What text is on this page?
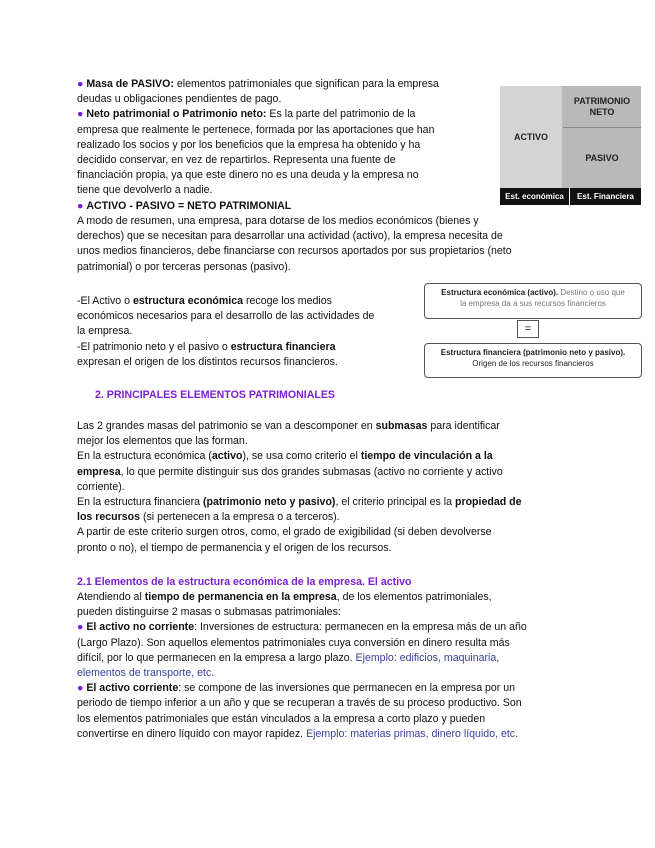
● Masa de PASIVO: elementos patrimoniales que significan para la empresa
deudas u obligaciones pendientes de pago.
● Neto patrimonial o Patrimonio neto: Es la parte del patrimonio de la
empresa que realmente le pertenece, formada por las aportaciones que han
realizado los socios y por los beneficios que la empresa ha obtenido y ha
decidido conservar, en vez de repartirlos. Representa una fuente de
financiación propia, ya que este dinero no es una deuda y la empresa no
tiene que devolverlo a nadie.
● ACTIVO - PASIVO = NETO PATRIMONIAL
A modo de resumen, una empresa, para dotarse de los medios económicos (bienes y
derechos) que se necesitan para desarrollar una actividad (activo), la empresa necesita de
unos medios financieros, debe financiarse con recursos aportados por sus propietarios (neto
patrimonial) o por terceras personas (pasivo).
ACTIVO
PATRIMONIO NETO
PASIVO
Est. económica	Est. Financiera
-El Activo o estructura económica recoge los medios
económicos necesarios para el desarrollo de las actividades de
la empresa.
-El patrimonio neto y el pasivo o estructura financiera
expresan el origen de los distintos recursos financieros.
Estructura económica (activo). Destino o uso que
la empresa da a sus recursos financieros
=
Estructura financiera (patrimonio neto y pasivo).
Origen de los recursos financieros
2. PRINCIPALES ELEMENTOS PATRIMONIALES
Las 2 grandes masas del patrimonio se van a descomponer en submasas para identificar
mejor los elementos que las forman.
En la estructura económica (activo), se usa como criterio el tiempo de vinculación a la
empresa, lo que permite distinguir sus dos grandes submasas (activo no corriente y activo
corriente).
En la estructura financiera (patrimonio neto y pasivo), el criterio principal es la propiedad de
los recursos (si pertenecen a la empresa o a terceros).
A partir de este criterio surgen otros, como, el grado de exigibilidad (si deben devolverse
pronto o no), el tiempo de permanencia y el origen de los recursos.
2.1 Elementos de la estructura económica de la empresa. El activo
Atendiendo al tiempo de permanencia en la empresa, de los elementos patrimoniales,
pueden distinguirse 2 masas o submasas patrimoniales:
● El activo no corriente: Inversiones de estructura: permanecen en la empresa más de un año
(Largo Plazo). Son aquellos elementos patrimoniales cuya conversión en dinero resulta más
difícil, por lo que permanecen en la empresa a largo plazo. Ejemplo: edificios, maquinaria,
elementos de transporte, etc.
● El activo corriente: se compone de las inversiones que permanecen en la empresa por un
periodo de tiempo inferior a un año y que se recuperan a través de su proceso productivo. Son
los elementos patrimoniales que están vinculados a la empresa a corto plazo y pueden
convertirse en dinero líquido con mayor rapidez. Ejemplo: materias primas, dinero líquido, etc.
